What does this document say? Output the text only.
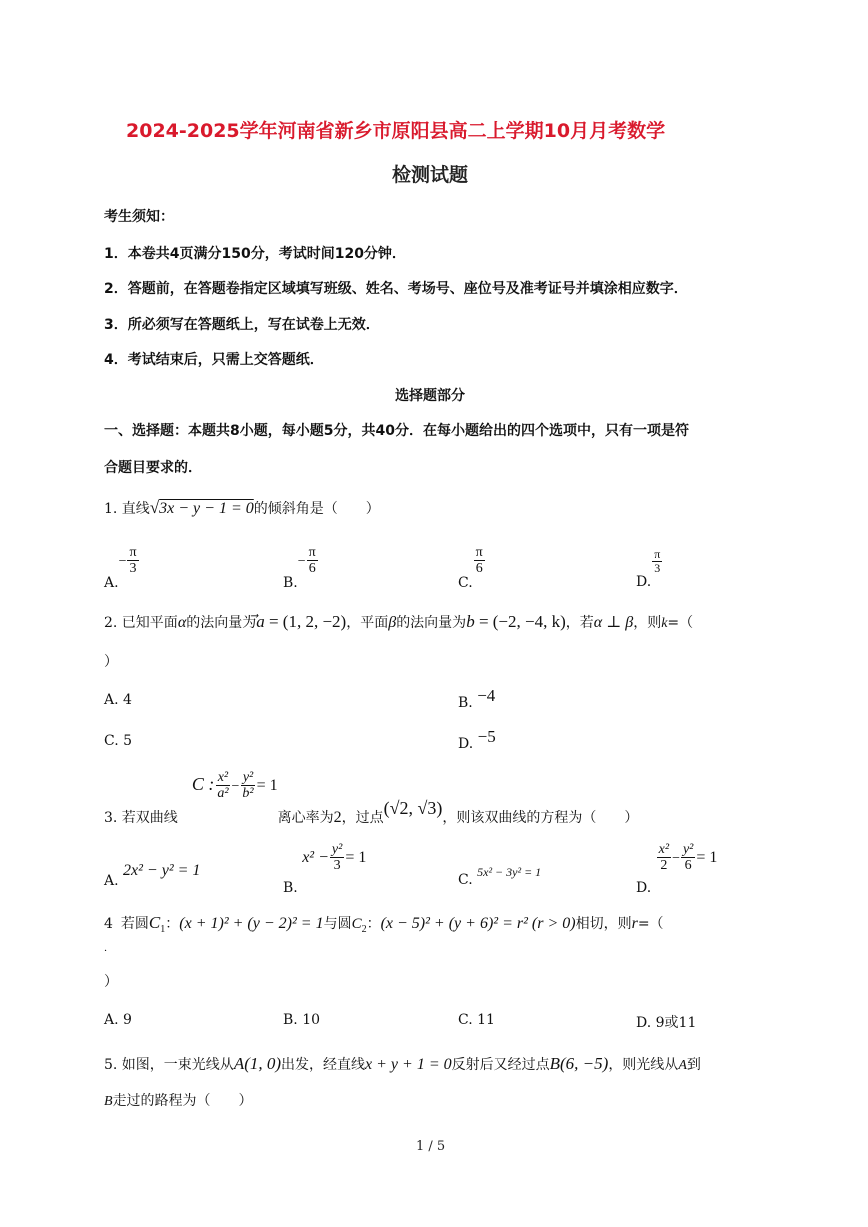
2024-2025学年河南省新乡市原阳县高二上学期10月月考数学
检测试题
考生须知：
1．本卷共4页满分150分，考试时间120分钟．
2．答题前，在答题卷指定区域填写班级、姓名、考场号、座位号及准考证号并填涂相应数字．
3．所必须写在答题纸上，写在试卷上无效．
4．考试结束后，只需上交答题纸．
选择题部分
一、选择题：本题共8小题，每小题5分，共40分．在每小题给出的四个选项中，只有一项是符
合题目要求的．
1. 直线√3x − y − 1 = 0的倾斜角是（　　）
$A.- \frac{\pi}{3}$
$B.- \frac{\pi}{6}$
C.
$\frac{\pi}{6}$
D.
$\frac{\pi}{3}$
2. 已知平面α的法向量为a = (1, 2, −2)，平面β的法向量为b = (−2, −4, k)，若α ⊥ β，则k=（
）
A. 4	B. −4
C. 5	D. −5
3. 若双曲线C : $\frac{\text{x²}}{\text{a²}} - \frac{\text{y²}}{\text{b²}} = 1$离心率为2，过点(√2, √3)，则该双曲线的方程为（　　）
A. 2x² − y² = 1
B. $x^2 - \frac{\text{y²}}{3} = 1$
C. 5x² − 3y² = 1
D.
$\frac{\text{x²}}{2} - \frac{\text{y²}}{6} = 1$
4 若圆$C_1$：(x + 1)² + (y − 2)² = 1与圆$C_2$：(x − 5)² + (y + 6)² = r² (r > 0)相切，则r=（
．
）
A. 9	B. 10	C. 11	D. 9或11
5. 如图，一束光线从A(1, 0)出发，经直线x + y + 1 = 0反射后又经过点B(6, −5)，则光线从A到
B走过的路程为（　　）
1 / 5
